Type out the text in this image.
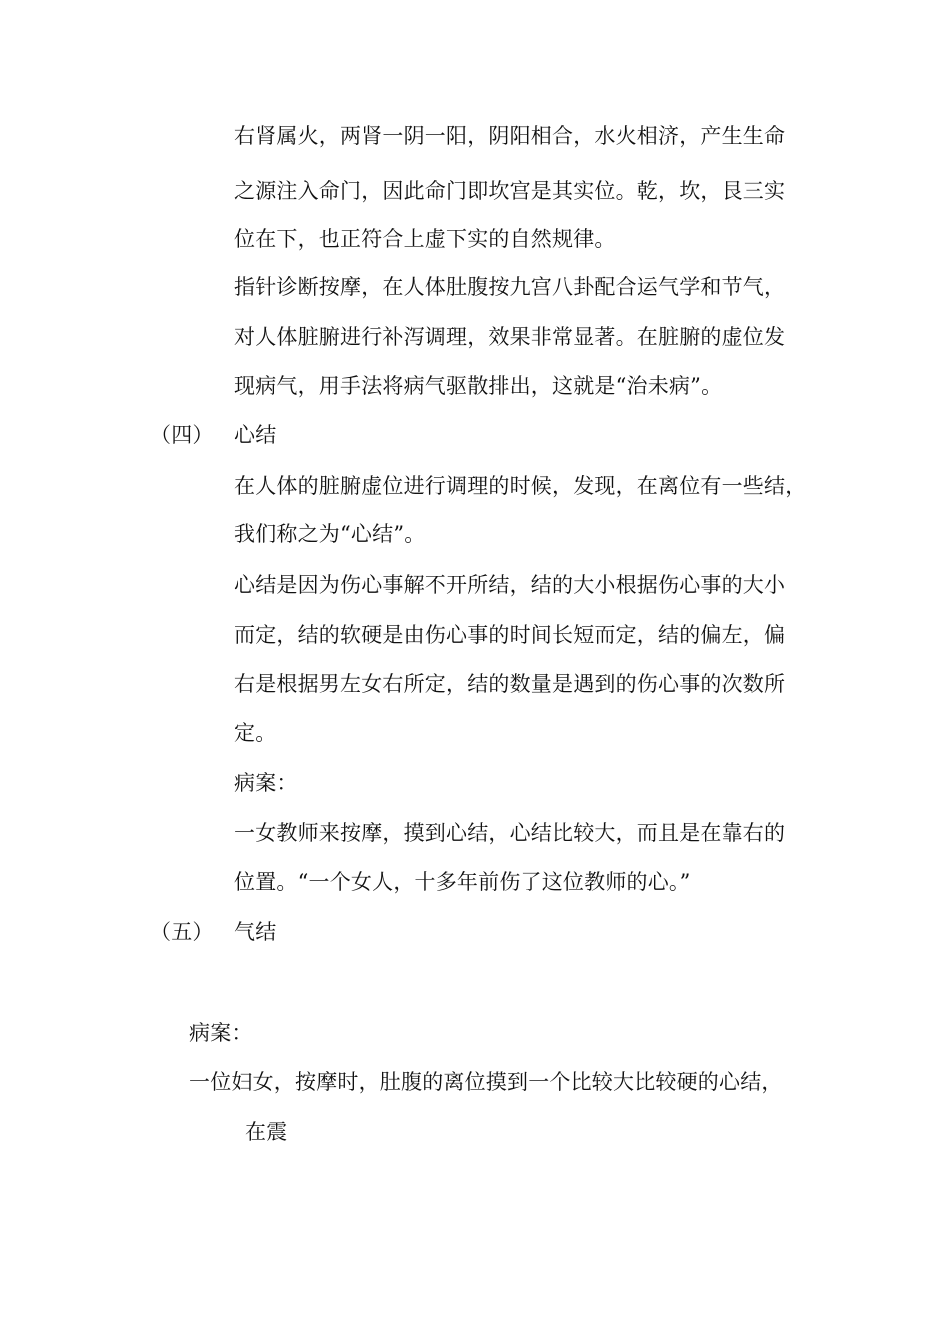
右肾属火，两肾一阴一阳，阴阳相合，水火相济，产生生命
之源注入命门，因此命门即坎宫是其实位。乾，坎，艮三实
位在下，也正符合上虚下实的自然规律。
指针诊断按摩，在人体肚腹按九宫八卦配合运气学和节气，
对人体脏腑进行补泻调理，效果非常显著。在脏腑的虚位发
现病气，用手法将病气驱散排出，这就是“治未病”。
（四） 心结
在人体的脏腑虚位进行调理的时候，发现，在离位有一些结，
我们称之为“心结”。
心结是因为伤心事解不开所结，结的大小根据伤心事的大小
而定，结的软硬是由伤心事的时间长短而定，结的偏左，偏
右是根据男左女右所定，结的数量是遇到的伤心事的次数所
定。
病案：
一女教师来按摩，摸到心结，心结比较大，而且是在靠右的
位置。“一个女人，十多年前伤了这位教师的心。”
（五） 气结
病案：
一位妇女，按摩时，肚腹的离位摸到一个比较大比较硬的心结，
在震
